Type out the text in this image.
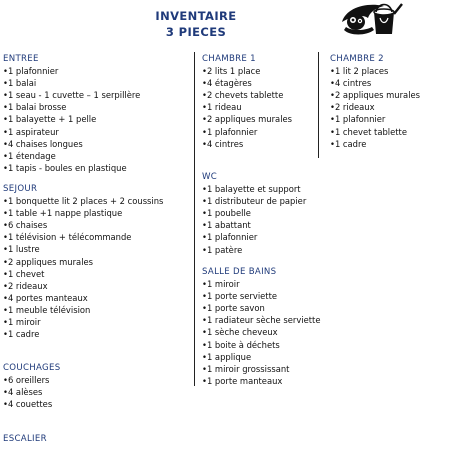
INVENTAIRE
3 PIECES
ENTREE
•1 plafonnier
•1 balai
•1 seau - 1 cuvette – 1 serpillère
•1 balai brosse
•1 balayette + 1 pelle
•1 aspirateur
•4 chaises longues
•1 étendage
•1 tapis - boules en plastique
SEJOUR
•1 bonquette lit 2 places + 2 coussins
•1 table +1 nappe plastique
•6 chaises
•1 télévision + télécommande
•1 lustre
•2 appliques murales
•1 chevet
•2 rideaux
•4 portes manteaux
•1 meuble télévision
•1 miroir
•1 cadre
COUCHAGES
•6 oreillers
•4 alèses
•4 couettes
ESCALIER
CHAMBRE 1
•2 lits 1 place
•4 étagères
•2 chevets tablette
•1 rideau
•2 appliques murales
•1 plafonnier
•4 cintres
WC
•1 balayette et support
•1 distributeur de papier
•1 poubelle
•1 abattant
•1 plafonnier
•1 patère
SALLE DE BAINS
•1 miroir
•1 porte serviette
•1 porte savon
•1 radiateur sèche serviette
•1 sèche cheveux
•1 boite à déchets
•1 applique
•1 miroir grossissant
•1 porte manteaux
CHAMBRE 2
•1 lit 2 places
•4 cintres
•2 appliques murales
•2 rideaux
•1 plafonnier
•1 chevet tablette
•1 cadre
